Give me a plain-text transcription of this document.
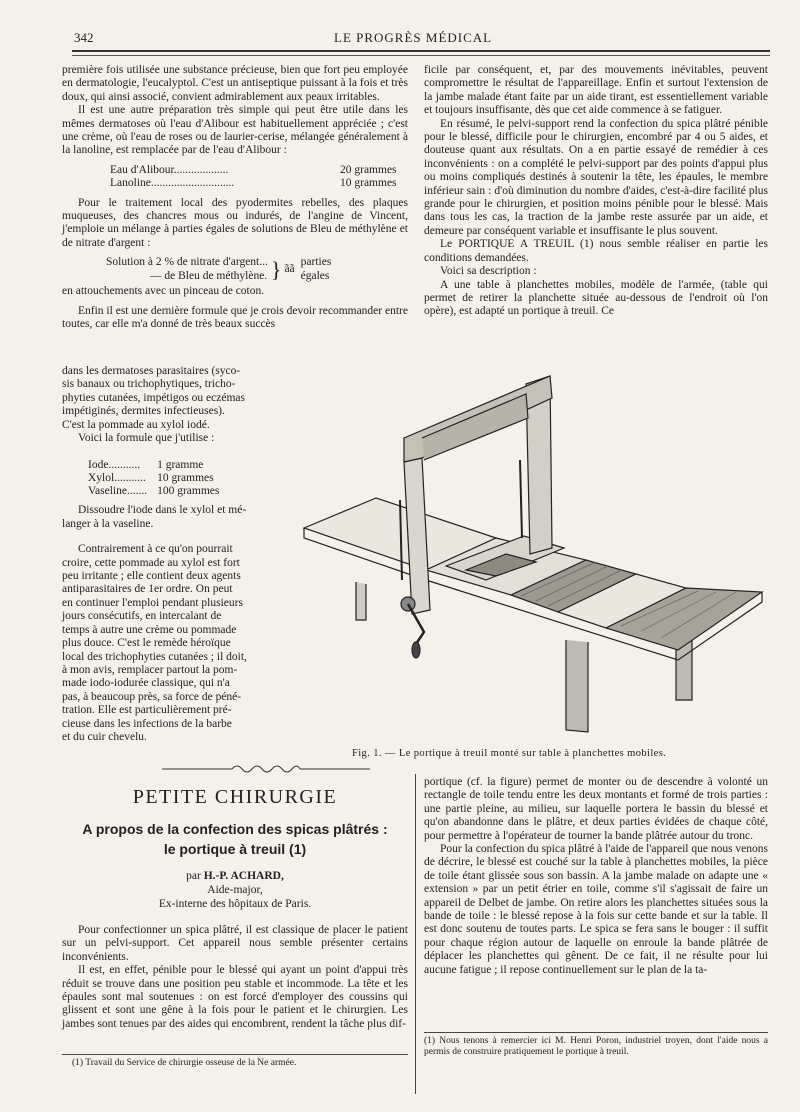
342	LE PROGRÈS MÉDICAL

première fois utilisée une substance précieuse, bien que fort peu employée en dermatologie, l'eucalyptol. C'est un antiseptique puissant à la fois et très doux, qui ainsi associé, convient admirablement aux peaux irritables.

Il est une autre préparation très simple qui peut être utile dans les mêmes dermatoses où l'eau d'Alibour est habituellement appréciée ; c'est une crème, où l'eau de roses ou de laurier-cerise, mélangée généralement à la lanoline, est remplacée par de l'eau d'Alibour :

Eau d'Alibour...................	20 grammes
Lanoline.............................	10 grammes

Pour le traitement local des pyodermites rebelles, des plaques muqueuses, des chancres mous ou indurés, de l'angine de Vincent, j'emploie un mélange à parties égales de solutions de Bleu de méthylène et de nitrate d'argent :

Solution à 2 % de nitrate d'argent...
— de Bleu de méthylène. } ãã
parties
égales

en attouchements avec un pinceau de coton.

Enfin il est une dernière formule que je crois devoir recommander entre toutes, car elle m'a donné de très beaux succès

dans les dermatoses parasitaires (syco-
sis banaux ou trichophytiques, tricho-
phyties cutanées, impétigos ou eczémas
impétiginés, dermites infectieuses).
C'est la pommade au xylol iodé.

Voici la formule que j'utilise :

Iode...........	1 gramme
Xylol...........	10 grammes
Vaseline.......	100 grammes
Dissoudre l'iode dans le xylol et mé-
langer à la vaseline.
Contrairement à ce qu'on pourrait
croire, cette pommade au xylol est fort
peu irritante ; elle contient deux agents
antiparasitaires de 1er ordre. On peut
en continuer l'emploi pendant plusieurs
jours consécutifs, en intercalant de
temps à autre une crème ou pommade
plus douce. C'est le remède héroïque
local des trichophyties cutanées ; il doit,
à mon avis, remplacer partout la pom-
made iodo-iodurée classique, qui n'a
pas, à beaucoup près, sa force de péné-
tration. Elle est particulièrement pré-
cieuse dans les infections de la barbe
et du cuir chevelu.

ficile par conséquent, et, par des mouvements inévitables, peuvent compromettre le résultat de l'appareillage. Enfin et surtout l'extension de la jambe malade étant faite par un aide tirant, est essentiellement variable et toujours insuffisante, dès que cet aide commence à se fatiguer.

En résumé, le pelvi-support rend la confection du spica plâtré pénible pour le blessé, difficile pour le chirurgien, encombré par 4 ou 5 aides, et douteuse quant aux résultats. On a en partie essayé de remédier à ces inconvénients : on a complété le pelvi-support par des points d'appui plus ou moins compliqués destinés à soutenir la tête, les épaules, le membre inférieur sain : d'où diminution du nombre d'aides, c'est-à-dire facilité plus grande pour le chirurgien, et position moins pénible pour le blessé. Mais dans tous les cas, la traction de la jambe reste assurée par un aide, et demeure par conséquent variable et insuffisante le plus souvent.

Le PORTIQUE A TREUIL (1) nous semble réaliser en partie les conditions demandées.

Voici sa description :

A une table à planchettes mobiles, modèle de l'armée, (table qui permet de retirer la planchette située au-dessous de l'endroit où l'on opère), est adapté un portique à treuil. Ce

Fig. 1. — Le portique à treuil monté sur table à planchettes mobiles.
PETITE CHIRURGIE
A propos de la confection des spicas plâtrés :
le portique à treuil (1)
par H.-P. ACHARD,
Aide-major,
Ex-interne des hôpitaux de Paris.

Pour confectionner un spica plâtré, il est classique de placer le patient sur un pelvi-support. Cet appareil nous semble présenter certains inconvénients.

Il est, en effet, pénible pour le blessé qui ayant un point d'appui très réduit se trouve dans une position peu stable et incommode. La tête et les épaules sont mal soutenues : on est forcé d'employer des coussins qui glissent et sont une gêne à la fois pour le patient et le chirurgien. Les jambes sont tenues par des aides qui encombrent, rendent la tâche plus dif-

(1) Travail du Service de chirurgie osseuse de la Ne armée.

portique (cf. la figure) permet de monter ou de descendre à volonté un rectangle de toile tendu entre les deux montants et formé de trois parties : une partie pleine, au milieu, sur laquelle portera le bassin du blessé et qu'on abandonne dans le plâtre, et deux parties évidées de chaque côté, pour permettre à l'opérateur de tourner la bande plâtrée autour du tronc.

Pour la confection du spica plâtré à l'aide de l'appareil que nous venons de décrire, le blessé est couché sur la table à planchettes mobiles, la pièce de toile étant glissée sous son bassin. A la jambe malade on adapte une « extension » par un petit étrier en toile, comme s'il s'agissait de faire un appareil de Delbet de jambe. On retire alors les planchettes situées sous la bande de toile : le blessé repose à la fois sur cette bande et sur la table. Il est donc soutenu de toutes parts. Le spica se fera sans le bouger : il suffit pour chaque région autour de laquelle on enroule la bande plâtrée de déplacer les planchettes qui gênent. De ce fait, il ne résulte pour lui aucune fatigue ; il repose continuellement sur le plan de la ta-

(1) Nous tenons à remercier ici M. Henri Poron, industriel troyen, dont l'aide nous a permis de construire pratiquement le portique à treuil.
